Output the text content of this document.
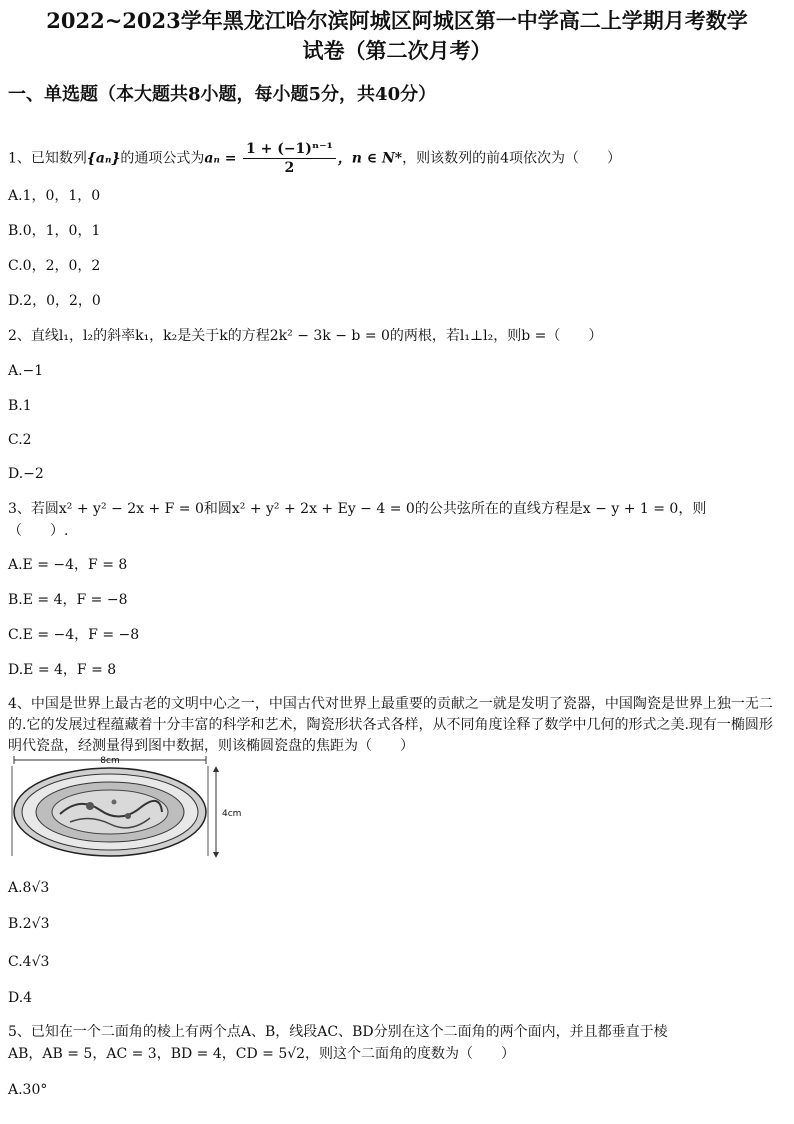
2022~2023学年黑龙江哈尔滨阿城区阿城区第一中学高二上学期月考数学
试卷（第二次月考）
一、单选题（本大题共8小题，每小题5分，共40分）
1、已知数列{aₙ}的通项公式为$a_n = \frac{\text{1 + (−1)ⁿ⁻¹}}{2}$ ，n ∈ N*，则该数列的前4项依次为（　　）
A.1，0，1，0
B.0，1，0，1
C.0，2，0，2
D.2，0，2，0
2、直线l₁，l₂的斜率k₁，k₂是关于k的方程2k² − 3k − b = 0的两根，若l₁⊥l₂，则b =（　　）
A.−1
B.1
C.2
D.−2
3、若圆x² + y² − 2x + F = 0和圆x² + y² + 2x + Ey − 4 = 0的公共弦所在的直线方程是x − y + 1 = 0，则
（　　）.
A.E = −4，F = 8
B.E = 4，F = −8
C.E = −4，F = −8
D.E = 4，F = 8
4、中国是世界上最古老的文明中心之一，中国古代对世界上最重要的贡献之一就是发明了瓷器，中国陶瓷是世界上独一无二的.它的发展过程蕴藏着十分丰富的科学和艺术，陶瓷形状各式各样，从不同角度诠释了数学中几何的形式之美.现有一椭圆形明代瓷盘，经测量得到图中数据，则该椭圆瓷盘的焦距为（　　）
8cm
4cm
A.8√3
B.2√3
C.4√3
D.4
5、已知在一个二面角的棱上有两个点A、B，线段AC、BD分别在这个二面角的两个面内，并且都垂直于棱
AB，AB = 5，AC = 3，BD = 4，CD = 5√2，则这个二面角的度数为（　　）
A.30°
